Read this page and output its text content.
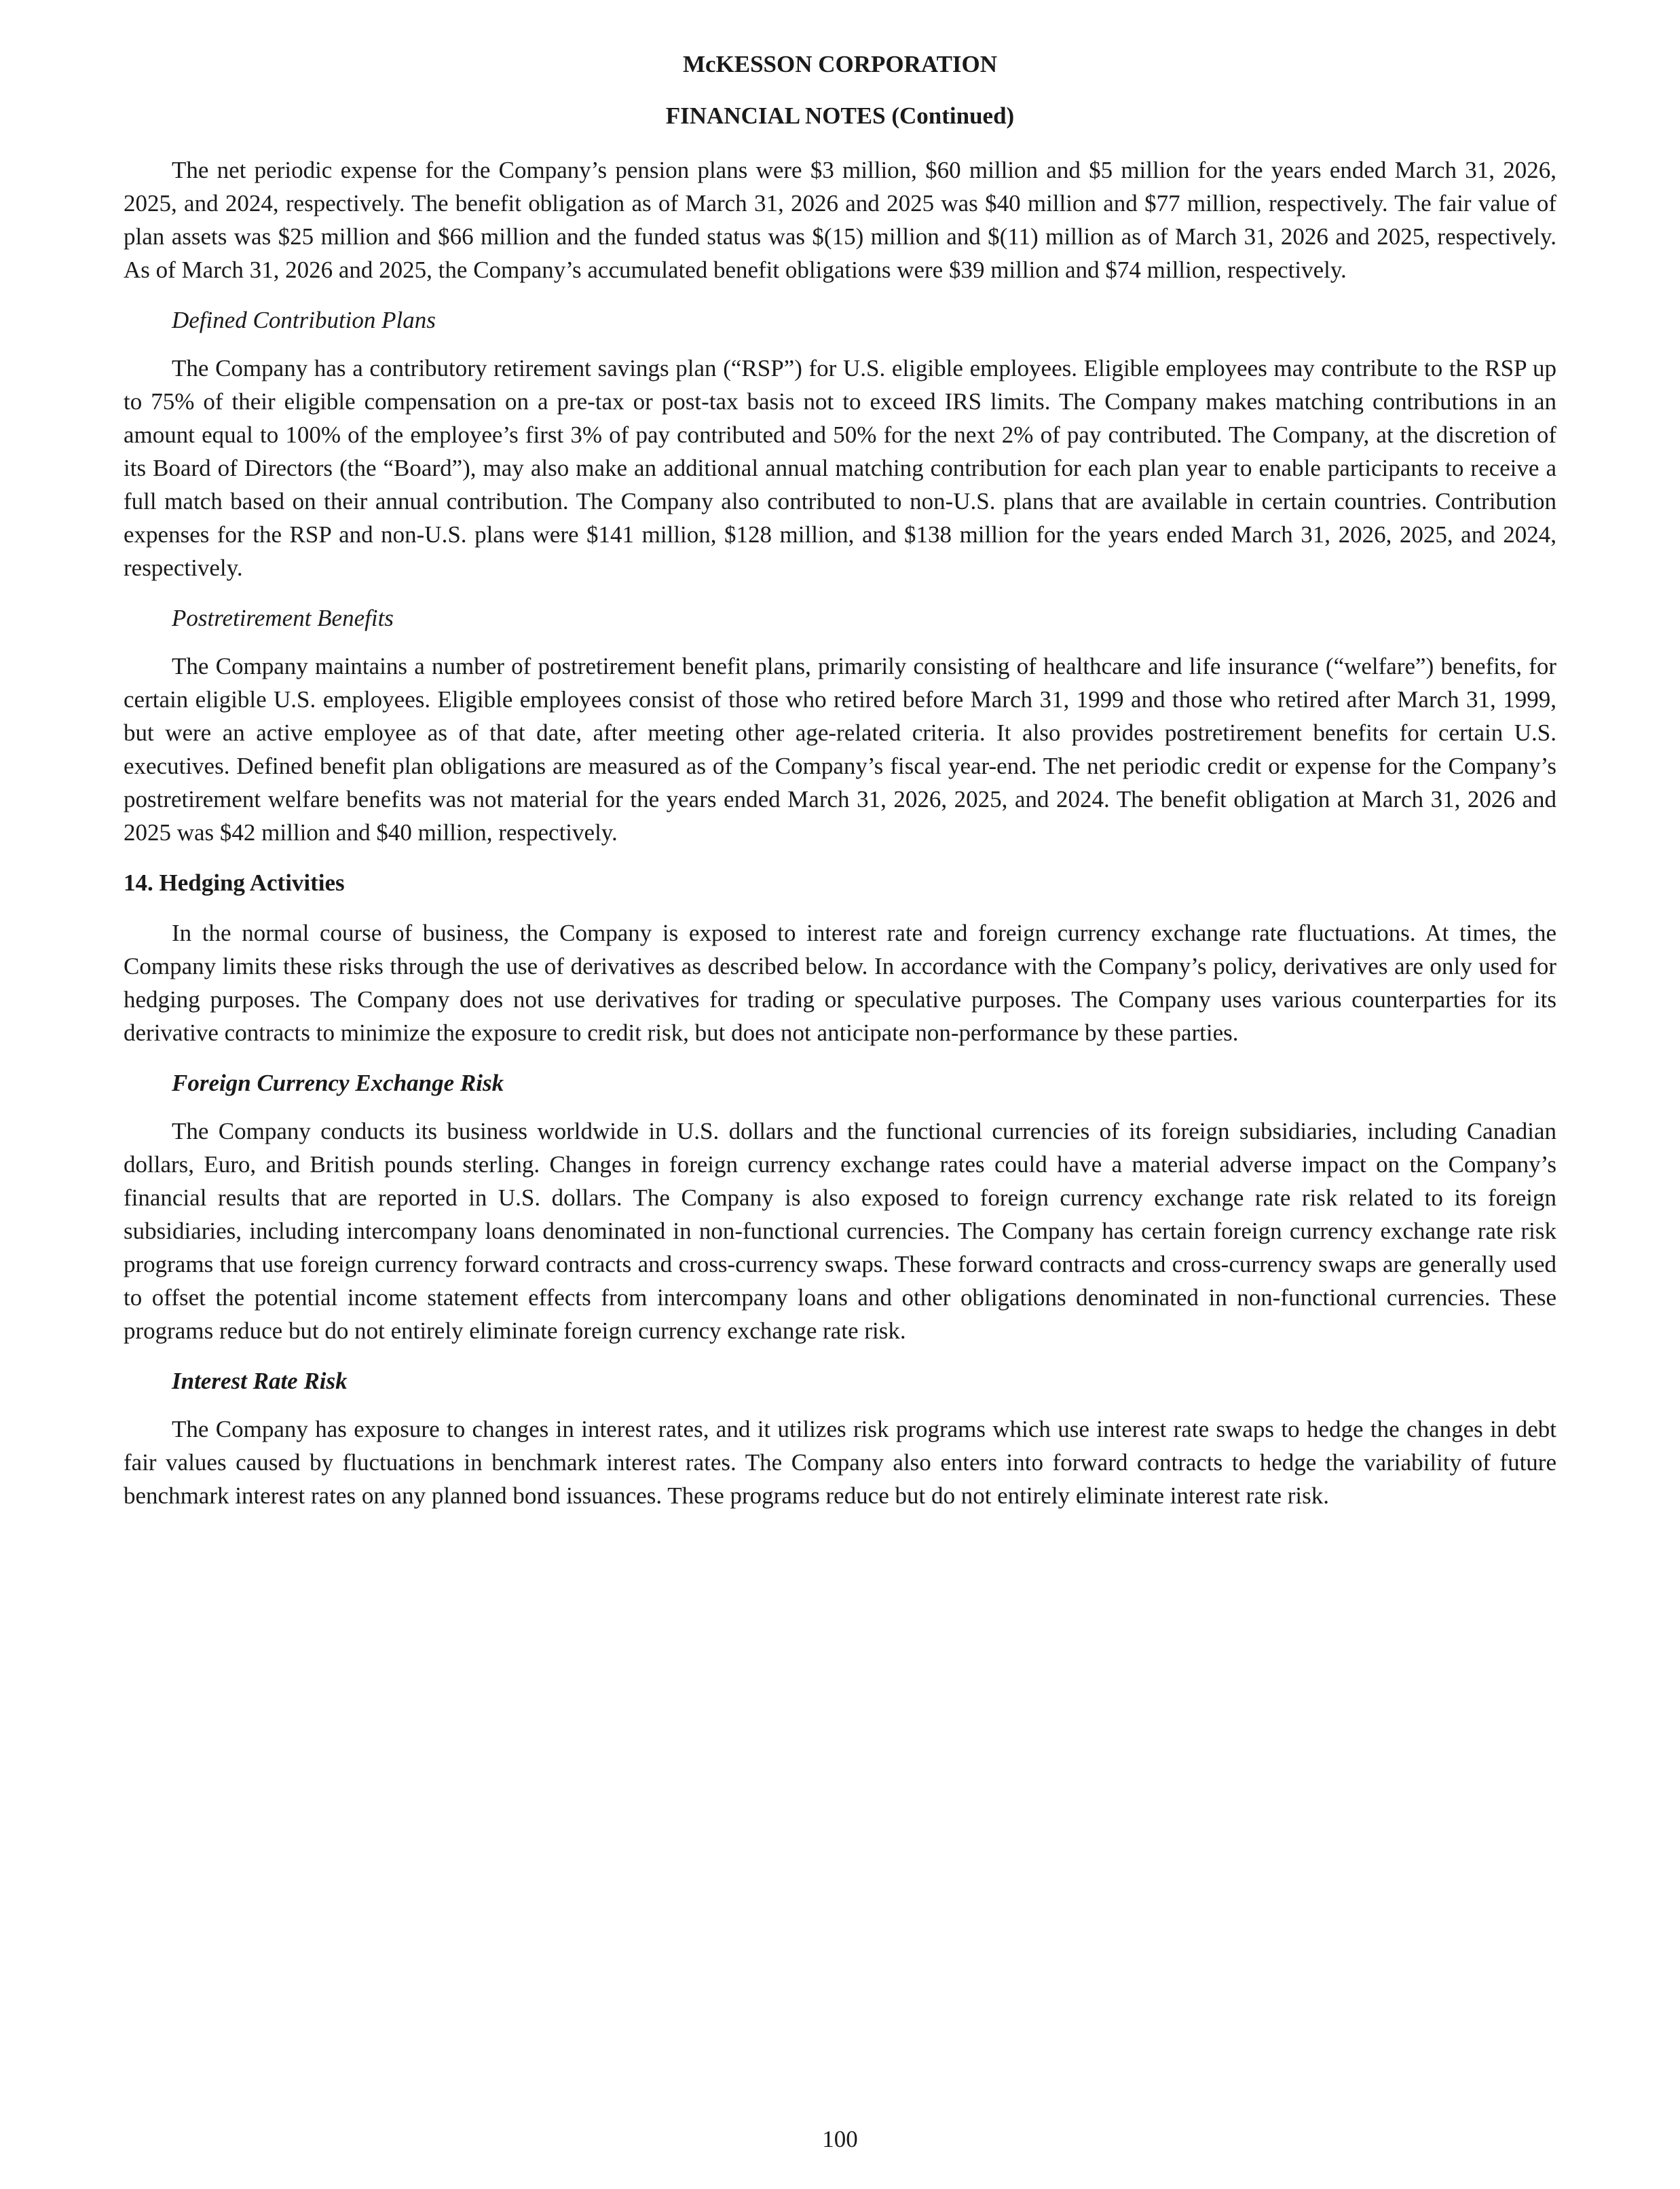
McKESSON CORPORATION
FINANCIAL NOTES (Continued)

The net periodic expense for the Company’s pension plans were $3 million, $60 million and $5 million for the years ended March 31, 2026, 2025, and 2024, respectively. The benefit obligation as of March 31, 2026 and 2025 was $40 million and $77 million, respectively. The fair value of plan assets was $25 million and $66 million and the funded status was $(15) million and $(11) million as of March 31, 2026 and 2025, respectively. As of March 31, 2026 and 2025, the Company’s accumulated benefit obligations were $39 million and $74 million, respectively.

Defined Contribution Plans

The Company has a contributory retirement savings plan (“RSP”) for U.S. eligible employees. Eligible employees may contribute to the RSP up to 75% of their eligible compensation on a pre-tax or post-tax basis not to exceed IRS limits. The Company makes matching contributions in an amount equal to 100% of the employee’s first 3% of pay contributed and 50% for the next 2% of pay contributed. The Company, at the discretion of its Board of Directors (the “Board”), may also make an additional annual matching contribution for each plan year to enable participants to receive a full match based on their annual contribution. The Company also contributed to non-U.S. plans that are available in certain countries. Contribution expenses for the RSP and non-U.S. plans were $141 million, $128 million, and $138 million for the years ended March 31, 2026, 2025, and 2024, respectively.

Postretirement Benefits

The Company maintains a number of postretirement benefit plans, primarily consisting of healthcare and life insurance (“welfare”) benefits, for certain eligible U.S. employees. Eligible employees consist of those who retired before March 31, 1999 and those who retired after March 31, 1999, but were an active employee as of that date, after meeting other age-related criteria. It also provides postretirement benefits for certain U.S. executives. Defined benefit plan obligations are measured as of the Company’s fiscal year-end. The net periodic credit or expense for the Company’s postretirement welfare benefits was not material for the years ended March 31, 2026, 2025, and 2024. The benefit obligation at March 31, 2026 and 2025 was $42 million and $40 million, respectively.

14. Hedging Activities

In the normal course of business, the Company is exposed to interest rate and foreign currency exchange rate fluctuations. At times, the Company limits these risks through the use of derivatives as described below. In accordance with the Company’s policy, derivatives are only used for hedging purposes. The Company does not use derivatives for trading or speculative purposes. The Company uses various counterparties for its derivative contracts to minimize the exposure to credit risk, but does not anticipate non-performance by these parties.

Foreign Currency Exchange Risk

The Company conducts its business worldwide in U.S. dollars and the functional currencies of its foreign subsidiaries, including Canadian dollars, Euro, and British pounds sterling. Changes in foreign currency exchange rates could have a material adverse impact on the Company’s financial results that are reported in U.S. dollars. The Company is also exposed to foreign currency exchange rate risk related to its foreign subsidiaries, including intercompany loans denominated in non-functional currencies. The Company has certain foreign currency exchange rate risk programs that use foreign currency forward contracts and cross-currency swaps. These forward contracts and cross-currency swaps are generally used to offset the potential income statement effects from intercompany loans and other obligations denominated in non-functional currencies. These programs reduce but do not entirely eliminate foreign currency exchange rate risk.

Interest Rate Risk

The Company has exposure to changes in interest rates, and it utilizes risk programs which use interest rate swaps to hedge the changes in debt fair values caused by fluctuations in benchmark interest rates. The Company also enters into forward contracts to hedge the variability of future benchmark interest rates on any planned bond issuances. These programs reduce but do not entirely eliminate interest rate risk.

100
